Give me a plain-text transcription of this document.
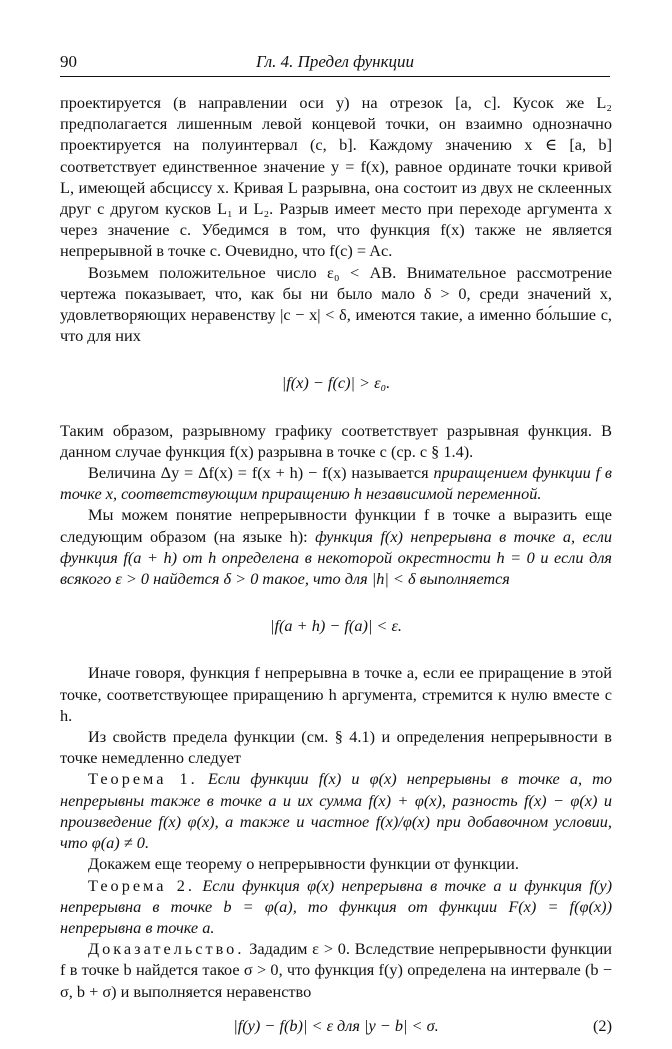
90	Гл. 4. Предел функции

проектируется (в направлении оси y) на отрезок [a, c]. Кусок же L₂ предполагается лишенным левой концевой точки, он взаимно однозначно проектируется на полуинтервал (c, b]. Каждому значению x ∈ [a, b] соответствует единственное значение y = f(x), равное ординате точки кривой L, имеющей абсциссу x. Кривая L разрывна, она состоит из двух не склеенных друг с другом кусков L₁ и L₂. Разрыв имеет место при переходе аргумента x через значение c. Убедимся в том, что функция f(x) также не является непрерывной в точке c. Очевидно, что f(c) = Ac.

Возьмем положительное число ε₀ < AB. Внимательное рассмотрение чертежа показывает, что, как бы ни было мало δ > 0, среди значений x, удовлетворяющих неравенству |c − x| < δ, имеются такие, а именно бо́льшие c, что для них

|f(x) − f(c)| > ε₀.

Таким образом, разрывному графику соответствует разрывная функция. В данном случае функция f(x) разрывна в точке c (ср. с § 1.4).

Величина Δy = Δf(x) = f(x + h) − f(x) называется приращением функции f в точке x, соответствующим приращению h независимой переменной.

Мы можем понятие непрерывности функции f в точке a выразить еще следующим образом (на языке h): функция f(x) непрерывна в точке a, если функция f(a + h) от h определена в некоторой окрестности h = 0 и если для всякого ε > 0 найдется δ > 0 такое, что для |h| < δ выполняется

|f(a + h) − f(a)| < ε.

Иначе говоря, функция f непрерывна в точке a, если ее приращение в этой точке, соответствующее приращению h аргумента, стремится к нулю вместе с h.

Из свойств предела функции (см. § 4.1) и определения непрерывности в точке немедленно следует

Теорема 1. Если функции f(x) и φ(x) непрерывны в точке a, то непрерывны также в точке a и их сумма f(x) + φ(x), разность f(x) − φ(x) и произведение f(x) φ(x), а также и частное f(x)/φ(x) при добавочном условии, что φ(a) ≠ 0.

Докажем еще теорему о непрерывности функции от функции.

Теорема 2. Если функция φ(x) непрерывна в точке a и функция f(y) непрерывна в точке b = φ(a), то функция от функции F(x) = f(φ(x)) непрерывна в точке a.

Доказательство. Зададим ε > 0. Вследствие непрерывности функции f в точке b найдется такое σ > 0, что функция f(y) определена на интервале (b − σ, b + σ) и выполняется неравенство

|f(y) − f(b)| < ε для |y − b| < σ.	(2)
